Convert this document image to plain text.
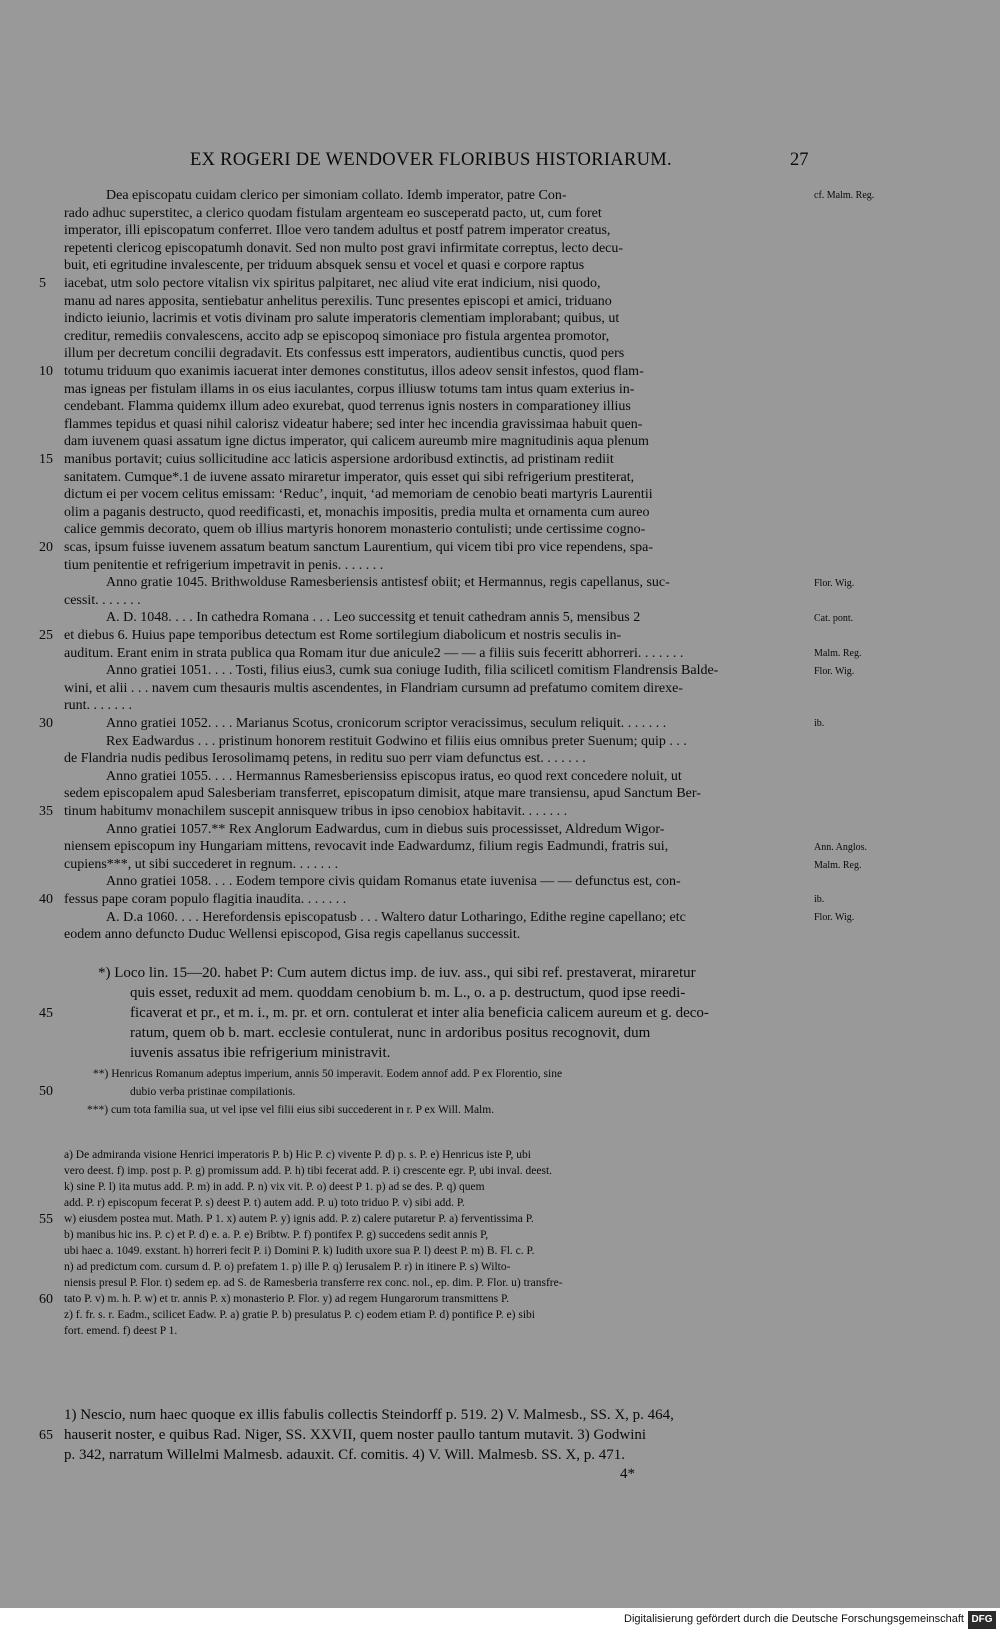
EX ROGERI DE WENDOVER FLORIBUS HISTORIARUM.	27
Dea episcopatu cuidam clerico per simoniam collato. Idemb imperator, patre Con-
rado adhuc superstitec, a clerico quodam fistulam argenteam eo susceperatd pacto, ut, cum foret
imperator, illi episcopatum conferret. Illoe vero tandem adultus et postf patrem imperator creatus,
repetenti clericog episcopatumh donavit. Sed non multo post gravi infirmitate correptus, lecto decu-
buit, eti egritudine invalescente, per triduum absquek sensu et vocel et quasi e corpore raptus
iacebat, utm solo pectore vitalisn vix spiritus palpitaret, nec aliud vite erat indicium, nisi quodo,
manu ad nares apposita, sentiebatur anhelitus perexilis. Tunc presentes episcopi et amici, triduano
indicto ieiunio, lacrimis et votis divinam pro salute imperatoris clementiam implorabant; quibus, ut
creditur, remediis convalescens, accito adp se episcopoq simoniace pro fistula argentea promotor,
illum per decretum concilii degradavit. Ets confessus estt imperators, audientibus cunctis, quod pers
totumu triduum quo exanimis iacuerat inter demones constitutus, illos adeov sensit infestos, quod flam-
mas igneas per fistulam illams in os eius iaculantes, corpus illiusw totums tam intus quam exterius in-
cendebant. Flamma quidemx illum adeo exurebat, quod terrenus ignis nosters in comparationey illius
flammes tepidus et quasi nihil calorisz videatur habere; sed inter hec incendia gravissimaa habuit quen-
dam iuvenem quasi assatum igne dictus imperator, qui calicem aureumb mire magnitudinis aqua plenum
manibus portavit; cuius sollicitudine acc laticis aspersione ardoribusd extinctis, ad pristinam rediit
sanitatem. Cumque*.1 de iuvene assato miraretur imperator, quis esset qui sibi refrigerium prestiterat,
dictum ei per vocem celitus emissam: ‘Reduc’, inquit, ‘ad memoriam de cenobio beati martyris Laurentii
olim a paganis destructo, quod reedificasti, et, monachis impositis, predia multa et ornamenta cum aureo
calice gemmis decorato, quem ob illius martyris honorem monasterio contulisti; unde certissime cogno-
scas, ipsum fuisse iuvenem assatum beatum sanctum Laurentium, qui vicem tibi pro vice rependens, spa-
tium penitentie et refrigerium impetravit in penis. . . . . . .
Anno gratie 1045. Brithwolduse Ramesberiensis antistesf obiit; et Hermannus, regis capellanus, suc-
cessit. . . . . . .
A. D. 1048. . . . In cathedra Romana . . . Leo successitg et tenuit cathedram annis 5, mensibus 2
et diebus 6. Huius pape temporibus detectum est Rome sortilegium diabolicum et nostris seculis in-
auditum. Erant enim in strata publica qua Romam itur due anicule2 — — a filiis suis feceritt abhorreri. . . . . . .
Anno gratiei 1051. . . . Tosti, filius eius3, cumk sua coniuge Iudith, filia scilicetl comitism Flandrensis Balde-
wini, et alii . . . navem cum thesauris multis ascendentes, in Flandriam cursumn ad prefatumo comitem direxe-
runt. . . . . . .
Anno gratiei 1052. . . . Marianus Scotus, cronicorum scriptor veracissimus, seculum reliquit. . . . . . .
Rex Eadwardus . . . pristinum honorem restituit Godwino et filiis eius omnibus preter Suenum; quip . . .
de Flandria nudis pedibus Ierosolimamq petens, in reditu suo perr viam defunctus est. . . . . . .
Anno gratiei 1055. . . . Hermannus Ramesberiensiss episcopus iratus, eo quod rext concedere noluit, ut
sedem episcopalem apud Salesberiam transferret, episcopatum dimisit, atque mare transiensu, apud Sanctum Ber-
tinum habitumv monachilem suscepit annisquew tribus in ipso cenobiox habitavit. . . . . . .
Anno gratiei 1057.** Rex Anglorum Eadwardus, cum in diebus suis processisset, Aldredum Wigor-
niensem episcopum iny Hungariam mittens, revocavit inde Eadwardumz, filium regis Eadmundi, fratris sui,
cupiens***, ut sibi succederet in regnum. . . . . . .
Anno gratiei 1058. . . . Eodem tempore civis quidam Romanus etate iuvenisa — — defunctus est, con-
fessus pape coram populo flagitia inaudita. . . . . . .
A. D.a 1060. . . . Herefordensis episcopatusb . . . Waltero datur Lotharingo, Edithe regine capellano; etc
eodem anno defuncto Duduc Wellensi episcopod, Gisa regis capellanus successit.
5
10
15
20
25
30
35
40
cf. Malm. Reg.
Flor. Wig.
Cat. pont.
Malm. Reg.
Flor. Wig.
ib.
Ann. Anglos.
Malm. Reg.
ib.
Flor. Wig.
*) Loco lin. 15—20. habet P: Cum autem dictus imp. de iuv. ass., qui sibi ref. prestaverat, miraretur
quis esset, reduxit ad mem. quoddam cenobium b. m. L., o. a p. destructum, quod ipse reedi-
ficaverat et pr., et m. i., m. pr. et orn. contulerat et inter alia beneficia calicem aureum et g. deco-
ratum, quem ob b. mart. ecclesie contulerat, nunc in ardoribus positus recognovit, dum
iuvenis assatus ibie refrigerium ministravit.
**) Henricus Romanum adeptus imperium, annis 50 imperavit. Eodem annof add. P ex Florentio, sine
dubio verba pristinae compilationis.
***) cum tota familia sua, ut vel ipse vel filii eius sibi succederent in r. P ex Will. Malm.
45
50
a) De admiranda visione Henrici imperatoris P. b) Hic P. c) vivente P. d) p. s. P. e) Henricus iste P, ubi
vero deest. f) imp. post p. P. g) promissum add. P. h) tibi fecerat add. P. i) crescente egr. P, ubi inval. deest.
k) sine P. l) ita mutus add. P. m) in add. P. n) vix vit. P. o) deest P 1. p) ad se des. P. q) quem
add. P. r) episcopum fecerat P. s) deest P. t) autem add. P. u) toto triduo P. v) sibi add. P.
w) eiusdem postea mut. Math. P 1. x) autem P. y) ignis add. P. z) calere putaretur P. a) ferventissima P.
b) manibus hic ins. P. c) et P. d) e. a. P. e) Bribtw. P. f) pontifex P. g) succedens sedit annis P,
ubi haec a. 1049. exstant. h) horreri fecit P. i) Domini P. k) Iudith uxore sua P. l) deest P. m) B. Fl. c. P.
n) ad predictum com. cursum d. P. o) prefatem 1. p) ille P. q) Ierusalem P. r) in itinere P. s) Wilto-
niensis presul P. Flor. t) sedem ep. ad S. de Ramesberia transferre rex conc. nol., ep. dim. P. Flor. u) transfre-
tato P. v) m. h. P. w) et tr. annis P. x) monasterio P. Flor. y) ad regem Hungarorum transmittens P.
z) f. fr. s. r. Eadm., scilicet Eadw. P. a) gratie P. b) presulatus P. c) eodem etiam P. d) pontifice P. e) sibi
fort. emend. f) deest P 1.
55
60
1) Nescio, num haec quoque ex illis fabulis collectis Steindorff p. 519. 2) V. Malmesb., SS. X, p. 464,
hauserit noster, e quibus Rad. Niger, SS. XXVII, quem noster paullo tantum mutavit. 3) Godwini
p. 342, narratum Willelmi Malmesb. adauxit. Cf. comitis. 4) V. Will. Malmesb. SS. X, p. 471.
65
4*
Digitalisierung gefördert durch die Deutsche Forschungsgemeinschaft DFG
